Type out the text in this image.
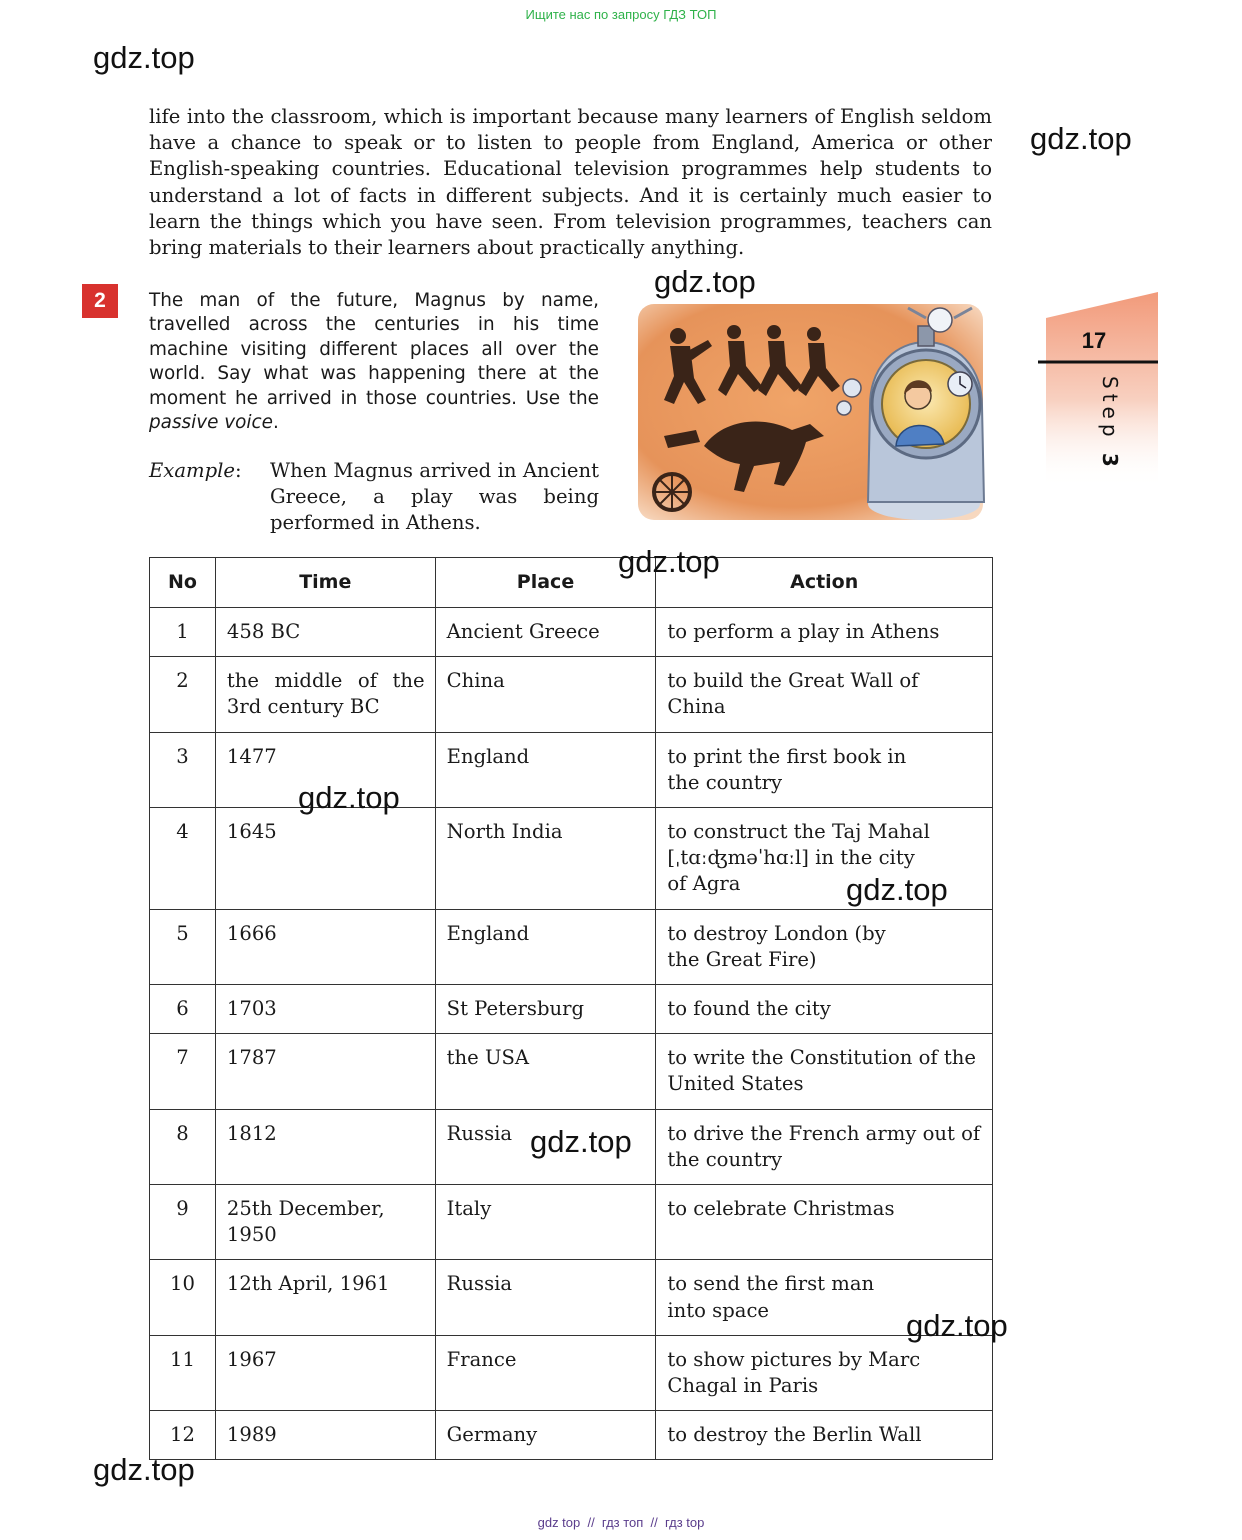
Ищите нас по запросу ГДЗ ТОП
gdz.top
gdz.top
gdz.top
gdz.top
gdz.top
gdz.top
gdz.top
gdz.top
gdz.top

life into the classroom, which is important because many learners of English seldom have a chance to speak or to listen to people from England, America or other English-speaking countries. Educational television programmes help students to understand a lot of facts in different subjects. And it is certainly much easier to learn the things which you have seen. From television programmes, teachers can bring materials to their learners about practically anything.

2	The man of the future, Magnus by name, travelled across the centuries in his time machine visiting different places all over the world. Say what was happening there at the moment he arrived in those countries. Use the passive voice.

Example: When Magnus arrived in Ancient Greece, a play was being performed in Athens.
17
Step 3
No	Time	Place	Action
1	458 BC	Ancient Greece	to perform a play in Athens
2	the middle of the 3rd century BC	China	to build the Great Wall of China
3	1477	England	to print the first book in the country
4	1645	North India	to construct the Taj Mahal [ˌtɑːʤməˈhɑːl] in the city of Agra
5	1666	England	to destroy London (by the Great Fire)
6	1703	St Petersburg	to found the city
7	1787	the USA	to write the Constitution of the United States
8	1812	Russia	to drive the French army out of the country
9	25th December, 1950	Italy	to celebrate Christmas
10	12th April, 1961	Russia	to send the first man into space
11	1967	France	to show pictures by Marc Chagal in Paris
12	1989	Germany	to destroy the Berlin Wall
gdz top  //  гдз топ  //  гдз top
